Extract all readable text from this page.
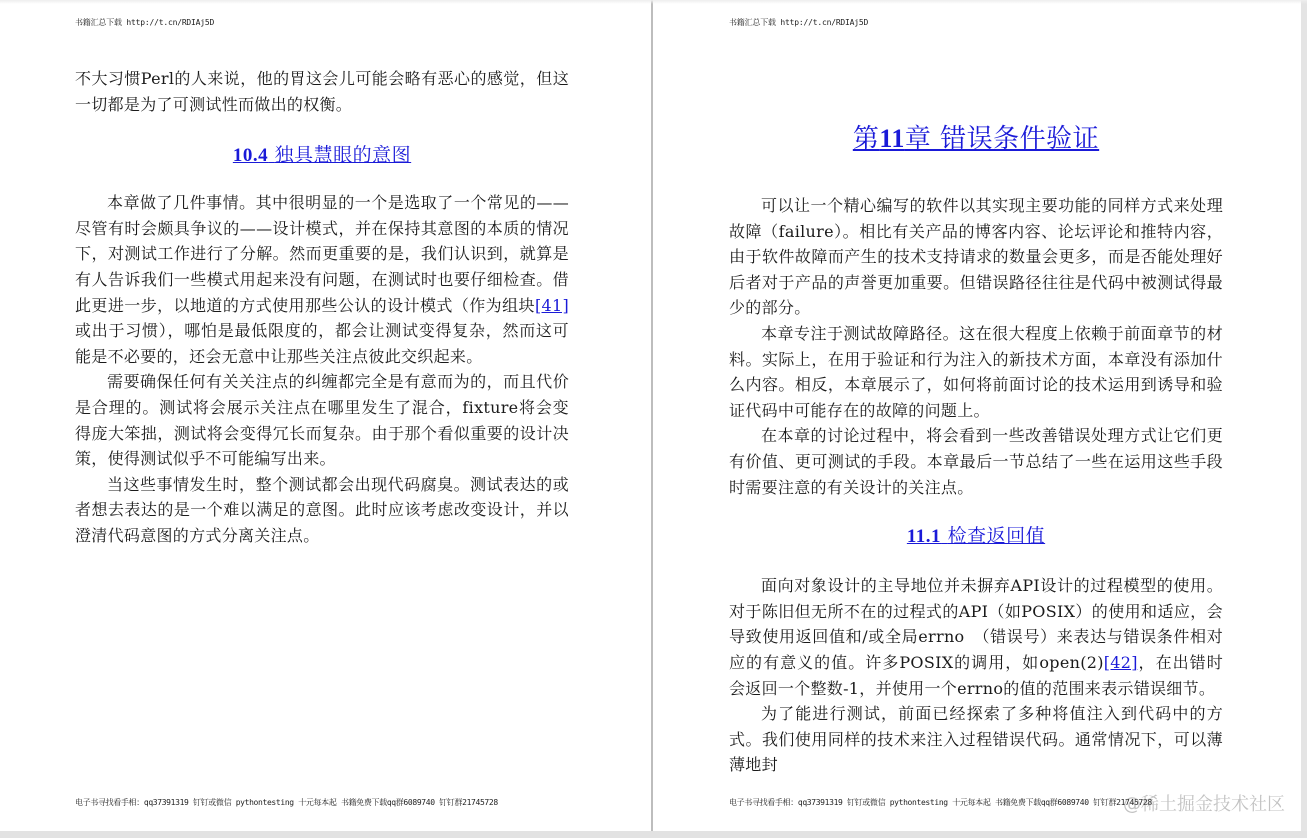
书籍汇总下载 http://t.cn/RDIAj5D

不大习惯Perl的人来说，他的胃这会儿可能会略有恶心的感觉，但这一切都是为了可测试性而做出的权衡。

10.4 独具慧眼的意图

本章做了几件事情。其中很明显的一个是选取了一个常见的——尽管有时会颇具争议的——设计模式，并在保持其意图的本质的情况下，对测试工作进行了分解。然而更重要的是，我们认识到，就算是有人告诉我们一些模式用起来没有问题，在测试时也要仔细检查。借此更进一步，以地道的方式使用那些公认的设计模式（作为组块[41]或出于习惯），哪怕是最低限度的，都会让测试变得复杂，然而这可能是不必要的，还会无意中让那些关注点彼此交织起来。

需要确保任何有关关注点的纠缠都完全是有意而为的，而且代价是合理的。测试将会展示关注点在哪里发生了混合，fixture将会变得庞大笨拙，测试将会变得冗长而复杂。由于那个看似重要的设计决策，使得测试似乎不可能编写出来。

当这些事情发生时，整个测试都会出现代码腐臭。测试表达的或者想去表达的是一个难以满足的意图。此时应该考虑改变设计，并以澄清代码意图的方式分离关注点。

电子书寻找看手相：qq37391319 钉钉或微信 pythontesting 十元每本起 书籍免费下载qq群6089740 钉钉群21745728
书籍汇总下载 http://t.cn/RDIAj5D
第11章 错误条件验证

可以让一个精心编写的软件以其实现主要功能的同样方式来处理故障（failure）。相比有关产品的博客内容、论坛评论和推特内容，由于软件故障而产生的技术支持请求的数量会更多，而是否能处理好后者对于产品的声誉更加重要。但错误路径往往是代码中被测试得最少的部分。

本章专注于测试故障路径。这在很大程度上依赖于前面章节的材料。实际上，在用于验证和行为注入的新技术方面，本章没有添加什么内容。相反，本章展示了，如何将前面讨论的技术运用到诱导和验证代码中可能存在的故障的问题上。

在本章的讨论过程中，将会看到一些改善错误处理方式让它们更有价值、更可测试的手段。本章最后一节总结了一些在运用这些手段时需要注意的有关设计的关注点。

11.1 检查返回值

面向对象设计的主导地位并未摒弃API设计的过程模型的使用。对于陈旧但无所不在的过程式的API（如POSIX）的使用和适应，会导致使用返回值和/或全局errno　（错误号）来表达与错误条件相对应的有意义的值。许多POSIX的调用，如open(2)[42]，在出错时会返回一个整数-1，并使用一个errno的值的范围来表示错误细节。

为了能进行测试，前面已经探索了多种将值注入到代码中的方式。我们使用同样的技术来注入过程错误代码。通常情况下，可以薄薄地封

电子书寻找看手相：qq37391319 钉钉或微信 pythontesting 十元每本起 书籍免费下载qq群6089740 钉钉群21745728
@稀土掘金技术社区
